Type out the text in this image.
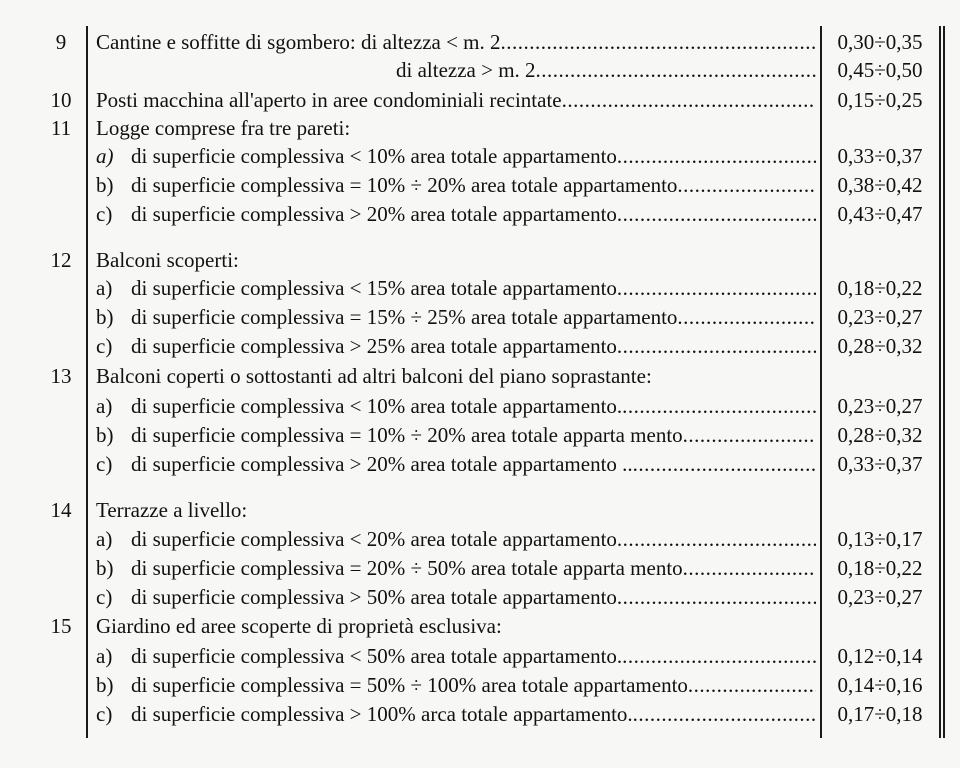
9	Cantine e soffitte di sgombero: di altezza < m. 2 .....	0,30÷0,35
di altezza > m. 2 .....	0,45÷0,50
10	Posti macchina all'aperto in aree condominiali recintate .....	0,15÷0,25
11	Logge comprese fra tre pareti:
a) di superficie complessiva < 10% area totale appartamento .....	0,33÷0,37
b) di superficie complessiva = 10% ÷ 20% area totale appartamento .....	0,38÷0,42
c) di superficie complessiva > 20% area totale appartamento .....	0,43÷0,47
12	Balconi scoperti:
a) di superficie complessiva < 15% area totale appartamento .....	0,18÷0,22
b) di superficie complessiva = 15% ÷ 25% area totale appartamento .....	0,23÷0,27
c) di superficie complessiva > 25% area totale appartamento .....	0,28÷0,32
13	Balconi coperti o sottostanti ad altri balconi del piano soprastante:
a) di superficie complessiva < 10% area totale appartamento. .....	0,23÷0,27
b) di superficie complessiva = 10% ÷ 20% area totale apparta mento .....	0,28÷0,32
c) di superficie complessiva > 20% area totale appartamento .. .....	0,33÷0,37
14	Terrazze a livello:
a) di superficie complessiva < 20% area totale appartamento .....	0,13÷0,17
b) di superficie complessiva = 20% ÷ 50% area totale apparta mento .....	0,18÷0,22
c) di superficie complessiva > 50% area totale appartamento .....	0,23÷0,27
15	Giardino ed aree scoperte di proprietà esclusiva:
a) di superficie complessiva < 50% area totale appartamento. .....	0,12÷0,14
b) di superficie complessiva = 50% ÷ 100% area totale appartamento .....	0,14÷0,16
c) di superficie complessiva > 100% arca totale appartamento. .....	0,17÷0,18
